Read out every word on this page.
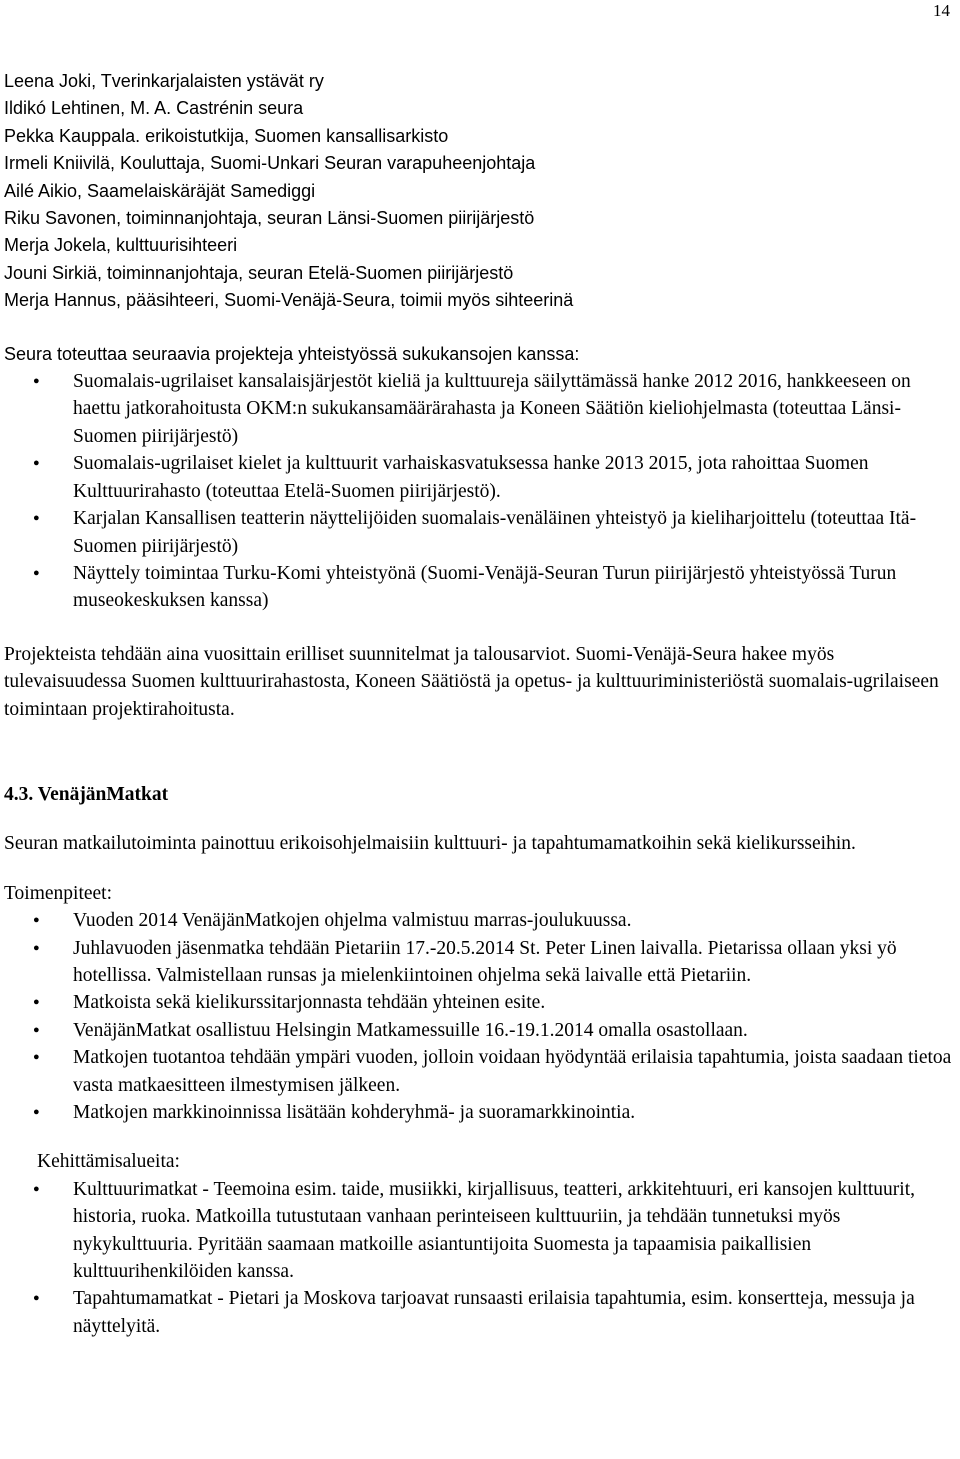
14
Leena Joki, Tverinkarjalaisten ystävät ry
Ildikó Lehtinen, M. A. Castrénin seura
Pekka Kauppala. erikoistutkija, Suomen kansallisarkisto
Irmeli Kniivilä, Kouluttaja, Suomi-Unkari Seuran varapuheenjohtaja
Ailé Aikio, Saamelaiskäräjät Samediggi
Riku Savonen, toiminnanjohtaja, seuran Länsi-Suomen piirijärjestö
Merja Jokela, kulttuurisihteeri
Jouni Sirkiä, toiminnanjohtaja, seuran Etelä-Suomen piirijärjestö
Merja Hannus, pääsihteeri, Suomi-Venäjä-Seura, toimii myös sihteerinä

Seura toteuttaa seuraavia projekteja yhteistyössä sukukansojen kanssa:

● Suomalais-ugrilaiset kansalaisjärjestöt kieliä ja kulttuureja säilyttämässä hanke 2012 2016, hankkeeseen on haettu jatkorahoitusta OKM:n sukukansamäärärahasta ja Koneen Säätiön kieliohjelmasta (toteuttaa Länsi-Suomen piirijärjestö)
● Suomalais-ugrilaiset kielet ja kulttuurit varhaiskasvatuksessa hanke 2013 2015, jota rahoittaa Suomen Kulttuurirahasto (toteuttaa Etelä-Suomen piirijärjestö).
● Karjalan Kansallisen teatterin näyttelijöiden suomalais-venäläinen yhteistyö ja kieliharjoittelu (toteuttaa Itä-Suomen piirijärjestö)
● Näyttely toimintaa Turku-Komi yhteistyönä (Suomi-Venäjä-Seuran Turun piirijärjestö yhteistyössä Turun museokeskuksen kanssa)

Projekteista tehdään aina vuosittain erilliset suunnitelmat ja talousarviot. Suomi-Venäjä-Seura hakee myös tulevaisuudessa Suomen kulttuurirahastosta, Koneen Säätiöstä ja opetus- ja kulttuuriministeriöstä suomalais-ugrilaiseen toimintaan projektirahoitusta.

4.3. VenäjänMatkat

Seuran matkailutoiminta painottuu erikoisohjelmaisiin kulttuuri- ja tapahtumamatkoihin sekä kielikursseihin.

Toimenpiteet:

● Vuoden 2014 VenäjänMatkojen ohjelma valmistuu marras-joulukuussa.
● Juhlavuoden jäsenmatka tehdään Pietariin 17.-20.5.2014 St. Peter Linen laivalla. Pietarissa ollaan yksi yö hotellissa. Valmistellaan runsas ja mielenkiintoinen ohjelma sekä laivalle että Pietariin.
● Matkoista sekä kielikurssitarjonnasta tehdään yhteinen esite.
● VenäjänMatkat osallistuu Helsingin Matkamessuille 16.-19.1.2014 omalla osastollaan.
● Matkojen tuotantoa tehdään ympäri vuoden, jolloin voidaan hyödyntää erilaisia tapahtumia, joista saadaan tietoa vasta matkaesitteen ilmestymisen jälkeen.
● Matkojen markkinoinnissa lisätään kohderyhmä- ja suoramarkkinointia.

Kehittämisalueita:

● Kulttuurimatkat - Teemoina esim. taide, musiikki, kirjallisuus, teatteri, arkkitehtuuri, eri kansojen kulttuurit, historia, ruoka. Matkoilla tutustutaan vanhaan perinteiseen kulttuuriin, ja tehdään tunnetuksi myös nykykulttuuria. Pyritään saamaan matkoille asiantuntijoita Suomesta ja tapaamisia paikallisien kulttuurihenkilöiden kanssa.
● Tapahtumamatkat - Pietari ja Moskova tarjoavat runsaasti erilaisia tapahtumia, esim. konsertteja, messuja ja näyttelyitä.
